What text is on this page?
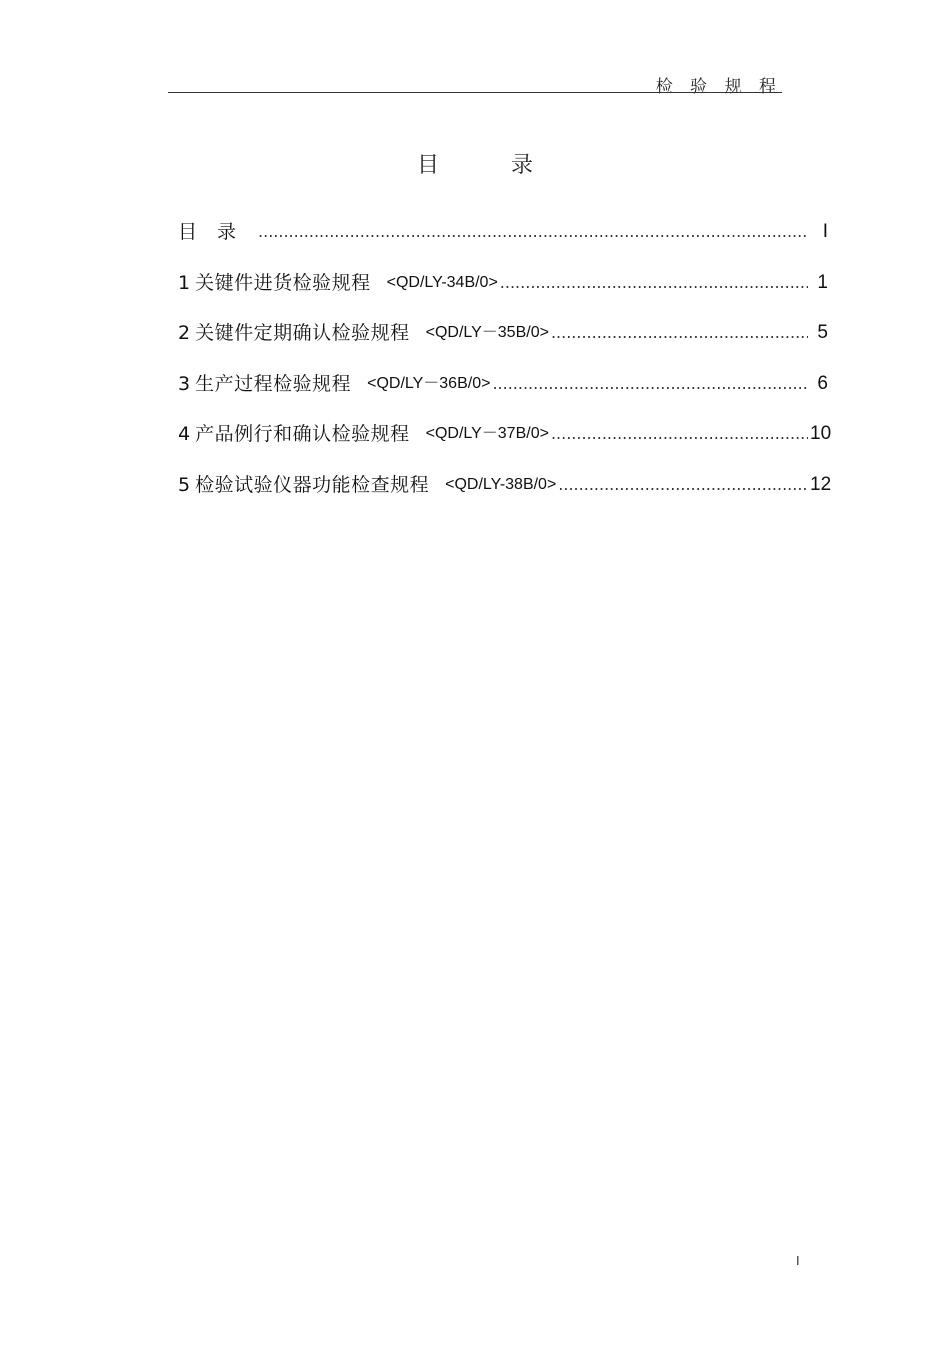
检 验 规 程
目	录
目录 .....	I
1 关键件进货检验规程 <QD/LY-34B/0> .....	1
2 关键件定期确认检验规程 <QD/LY－35B/0> .....	5
3 生产过程检验规程 <QD/LY－36B/0> .....	6
4 产品例行和确认检验规程 <QD/LY－37B/0> .....	10
5 检验试验仪器功能检查规程 <QD/LY-38B/0> .....	12
I
